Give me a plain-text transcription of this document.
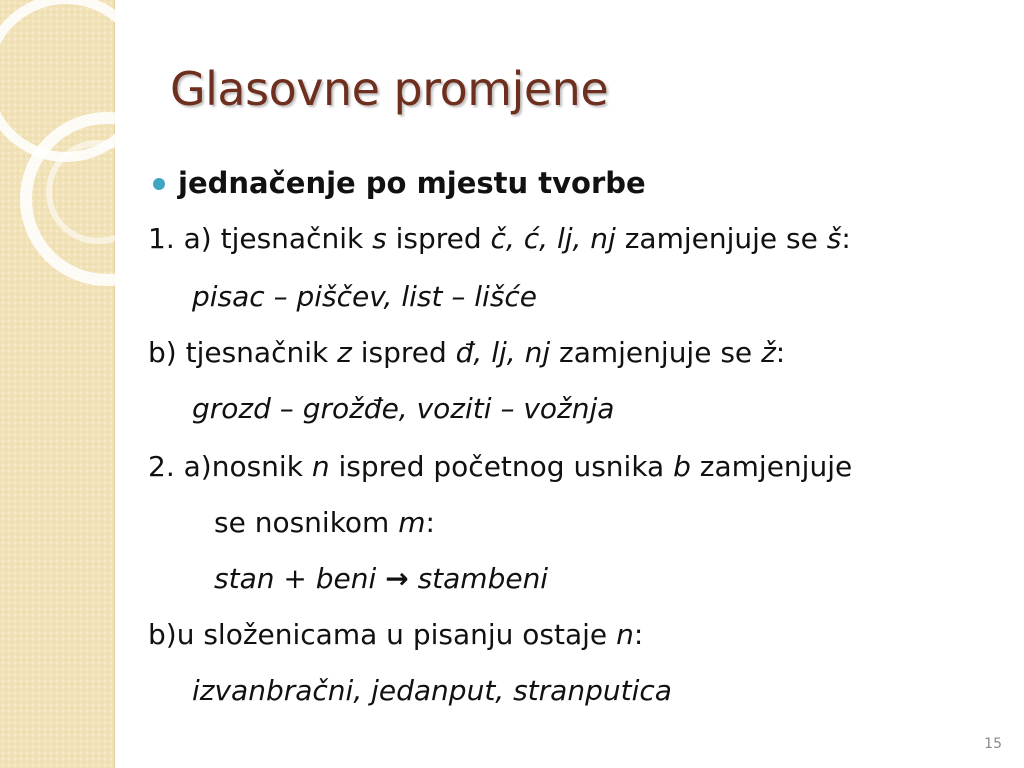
Glasovne promjene
jednačenje po mjestu tvorbe
1. a) tjesnačnik s ispred č, ć, lj, nj zamjenjuje se š:
pisac – piščev, list – lišće
b) tjesnačnik z ispred đ, lj, nj zamjenjuje se ž:
grozd – grožđe, voziti – vožnja
2. a)nosnik n ispred početnog usnika b zamjenjuje
se nosnikom m:
stan + beni → stambeni
b)u složenicama u pisanju ostaje n:
izvanbračni, jedanput, stranputica
15
